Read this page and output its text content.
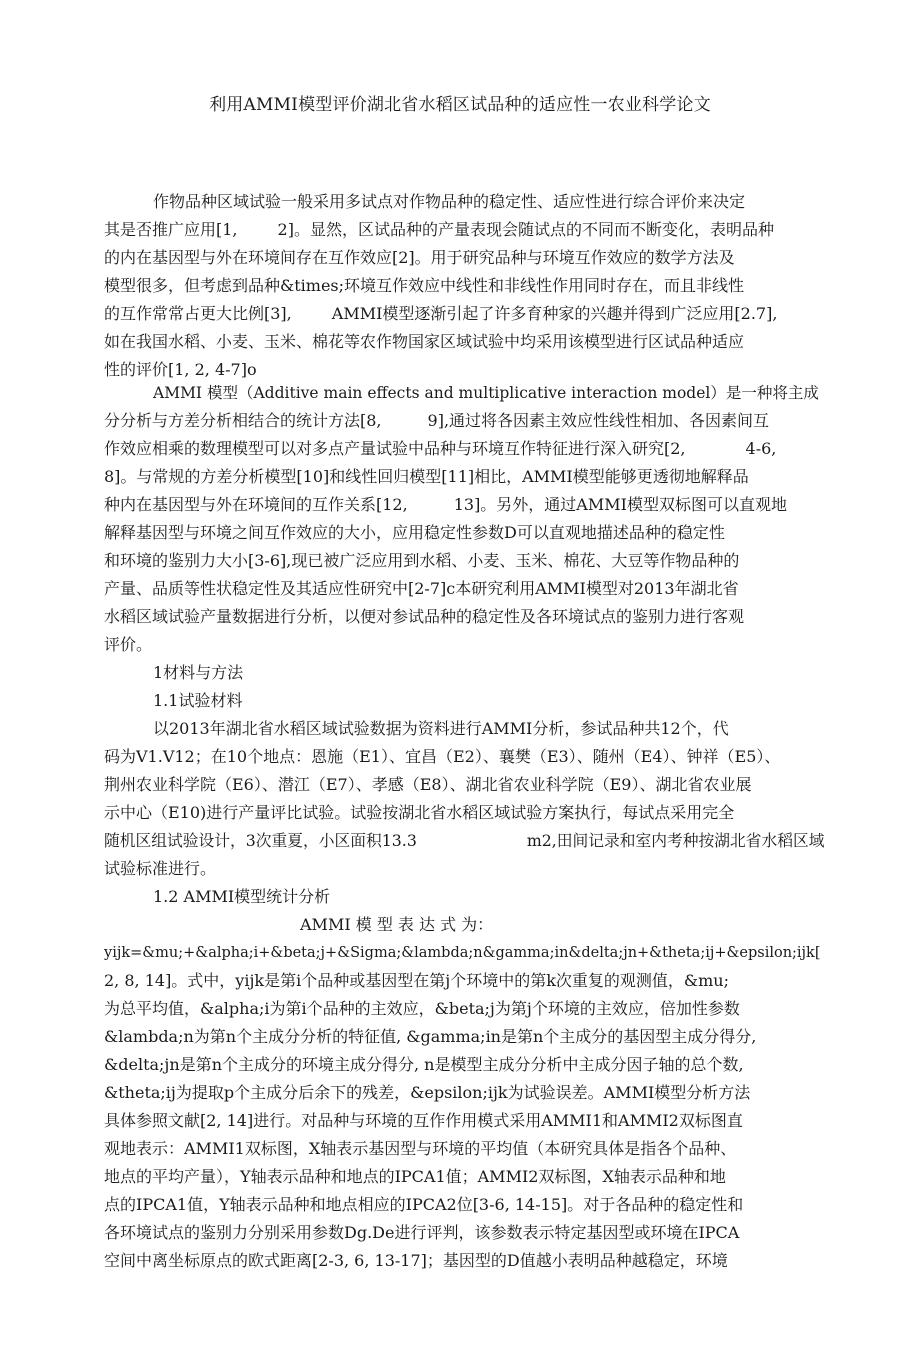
利用AMMI模型评价湖北省水稻区试品种的适应性一农业科学论文
作物品种区域试验一般采用多试点对作物品种的稳定性、适应性进行综合评价来决定
其是否推广应用[1,	2]。显然，区试品种的产量表现会随试点的不同而不断变化，表明品种
的内在基因型与外在环境间存在互作效应[2]。用于研究品种与环境互作效应的数学方法及
模型很多，但考虑到品种&times;环境互作效应中线性和非线性作用同时存在，而且非线性
的互作常常占更大比例[3],	AMMI模型逐渐引起了许多育种家的兴趣并得到广泛应用[2.7],
如在我国水稻、小麦、玉米、棉花等农作物国家区域试验中均采用该模型进行区试品种适应
性的评价[1, 2, 4-7]o
AMMI 模型（Additive main effects and multiplicative interaction model）是一种将主成
分分析与方差分析相结合的统计方法[8,	9],通过将各因素主效应性线性相加、各因素间互
作效应相乘的数理模型可以对多点产量试验中品种与环境互作特征进行深入研究[2,	4-6,
8]。与常规的方差分析模型[10]和线性回归模型[11]相比，AMMI模型能够更透彻地解释品
种内在基因型与外在环境间的互作关系[12,	13]。另外，通过AMMI模型双标图可以直观地
解释基因型与环境之间互作效应的大小，应用稳定性参数D可以直观地描述品种的稳定性
和环境的鉴别力大小[3-6],现已被广泛应用到水稻、小麦、玉米、棉花、大豆等作物品种的
产量、品质等性状稳定性及其适应性研究中[2-7]c本研究利用AMMI模型对2013年湖北省
水稻区域试验产量数据进行分析，以便对参试品种的稳定性及各环境试点的鉴别力进行客观
评价。
1材料与方法
1.1试验材料
以2013年湖北省水稻区域试验数据为资料进行AMMI分析，参试品种共12个，代
码为V1.V12；在10个地点：恩施（E1）、宜昌（E2）、襄樊（E3）、随州（E4）、钟祥（E5）、
荆州农业科学院（E6）、潜江（E7）、孝感（E8）、湖北省农业科学院（E9）、湖北省农业展
示中心（E10)进行产量评比试验。试验按湖北省水稻区域试验方案执行，每试点采用完全
随机区组试验设计，3次重夏，小区面积13.3	m2,田间记录和室内考种按湖北省水稻区域
试验标准进行。
1.2 AMMI模型统计分析
AMMI 模 型 表 达 式 为：
yijk=&mu;+&alpha;i+&beta;j+&Sigma;&lambda;n&gamma;in&delta;jn+&theta;ij+&epsilon;ijk[
2, 8, 14]。式中，yijk是第i个品种或基因型在第j个环境中的第k次重复的观测值，&mu;
为总平均值，&alpha;i为第i个品种的主效应，&beta;j为第j个环境的主效应，倍加性参数
&lambda;n为第n个主成分分析的特征值, &gamma;in是第n个主成分的基因型主成分得分,
&delta;jn是第n个主成分的环境主成分得分, n是模型主成分分析中主成分因子轴的总个数,
&theta;ij为提取p个主成分后余下的残差，&epsilon;ijk为试验误差。AMMI模型分析方法
具体参照文献[2, 14]进行。对品种与环境的互作作用模式采用AMMI1和AMMI2双标图直
观地表示：AMMI1双标图，X轴表示基因型与环境的平均值（本研究具体是指各个品种、
地点的平均产量），Y轴表示品种和地点的IPCA1值；AMMI2双标图，X轴表示品种和地
点的IPCA1值，Y轴表示品种和地点相应的IPCA2位[3-6, 14-15]。对于各品种的稳定性和
各环境试点的鉴别力分别采用参数Dg.De进行评判，该参数表示特定基因型或环境在IPCA
空间中离坐标原点的欧式距离[2-3, 6, 13-17]；基因型的D值越小表明品种越稳定，环境
